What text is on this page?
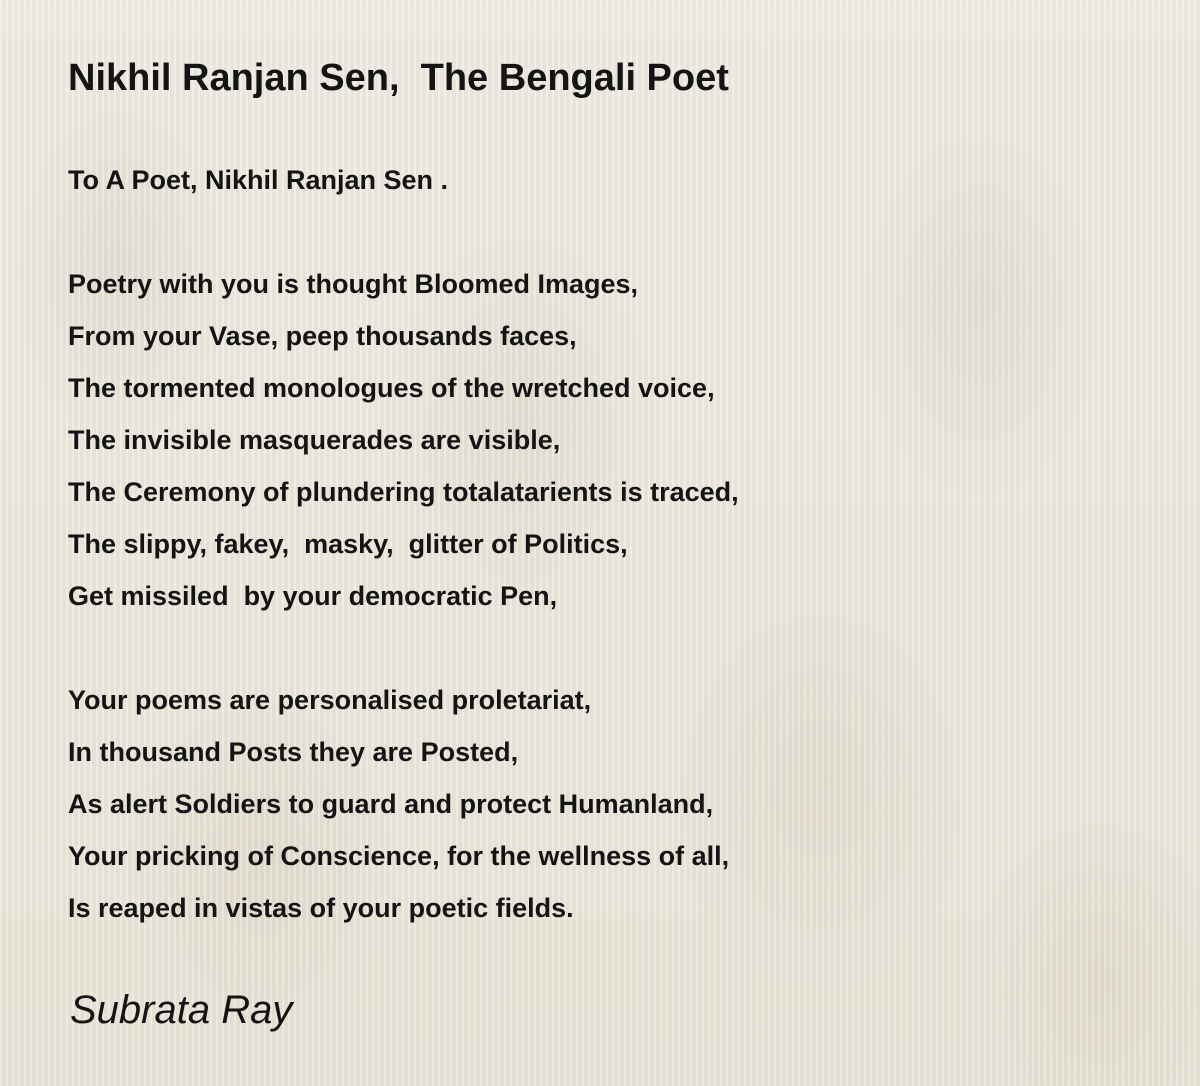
Nikhil Ranjan Sen,  The Bengali Poet
To A Poet, Nikhil Ranjan Sen .
Poetry with you is thought Bloomed Images,
From your Vase, peep thousands faces,
The tormented monologues of the wretched voice,
The invisible masquerades are visible,
The Ceremony of plundering totalatarients is traced,
The slippy, fakey,  masky,  glitter of Politics,
Get missiled  by your democratic Pen,
Your poems are personalised proletariat,
In thousand Posts they are Posted,
As alert Soldiers to guard and protect Humanland,
Your pricking of Conscience, for the wellness of all,
Is reaped in vistas of your poetic fields.
Subrata Ray
